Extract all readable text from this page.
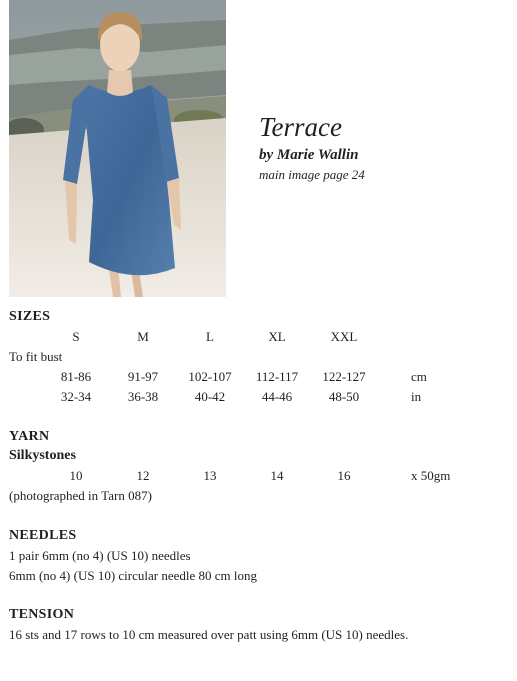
Terrace
by Marie Wallin
main image page 24
SIZES
S	M	L	XL	XXL
To fit bust
81-86	91-97 102-107 112-117 122-127	cm
32-34	36-38	40-42	44-46	48-50	in
YARN
Silkystones
10	12	13	14	16	x 50gm
(photographed in Tarn 087)
NEEDLES
1 pair 6mm (no 4) (US 10) needles
6mm (no 4) (US 10) circular needle 80 cm long
TENSION
16 sts and 17 rows to 10 cm measured over patt using 6mm (US 10) needles.
